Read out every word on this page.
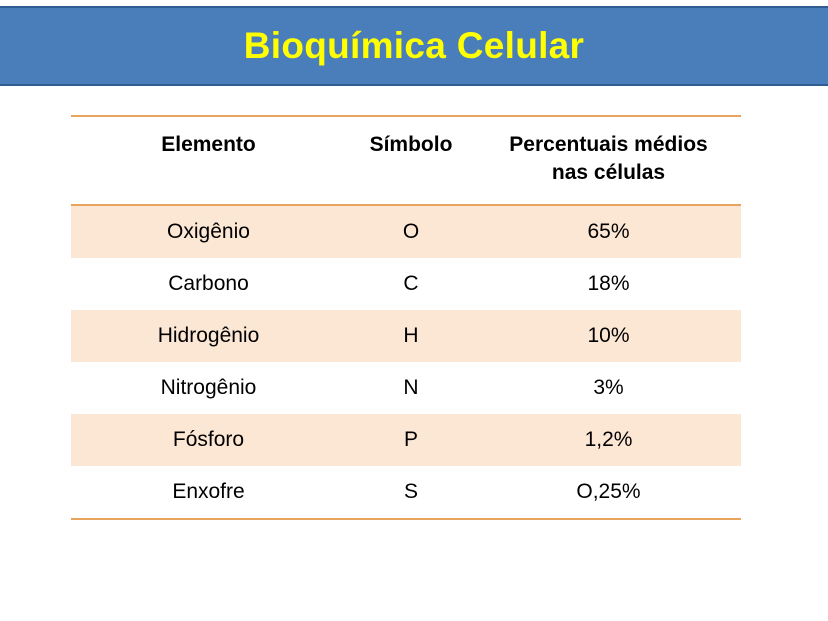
Bioquímica Celular
Elemento	Símbolo	Percentuais médios
nas células
Oxigênio	O	65%
Carbono	C	18%
Hidrogênio	H	10%
Nitrogênio	N	3%
Fósforo	P	1,2%
Enxofre	S	O,25%
